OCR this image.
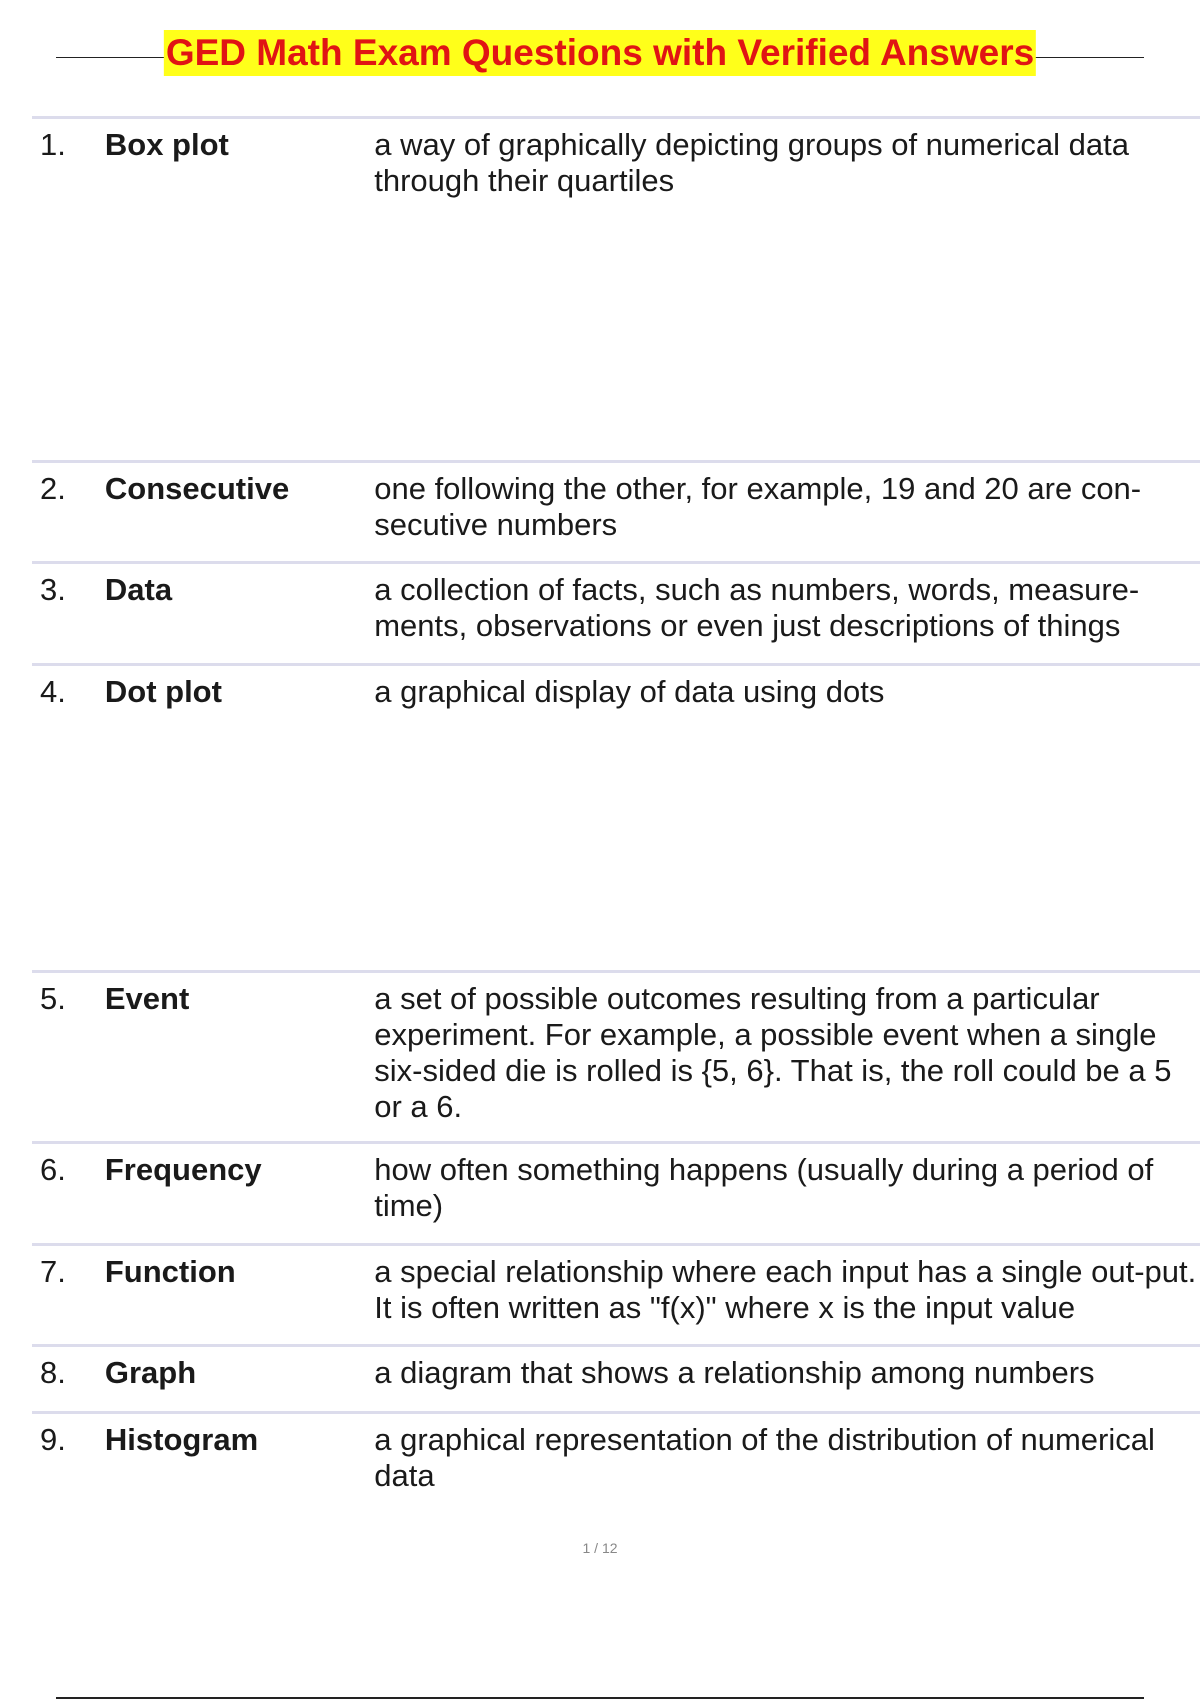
GED Math Exam Questions with Verified Answers
1.	Box plot	a way of graphically depicting groups of numerical data through their quartiles
2.	Consecutive	one following the other, for example, 19 and 20 are con-secutive numbers
3.	Data	a collection of facts, such as numbers, words, measure-ments, observations or even just descriptions of things
4.	Dot plot	a graphical display of data using dots
5.	Event	a set of possible outcomes resulting from a particular experiment. For example, a possible event when a single six-sided die is rolled is {5, 6}. That is, the roll could be a 5 or a 6.
6.	Frequency	how often something happens (usually during a period of time)
7.	Function	a special relationship where each input has a single out-put. It is often written as "f(x)" where x is the input value
8.	Graph	a diagram that shows a relationship among numbers
9.	Histogram	a graphical representation of the distribution of numerical data
1 / 12
